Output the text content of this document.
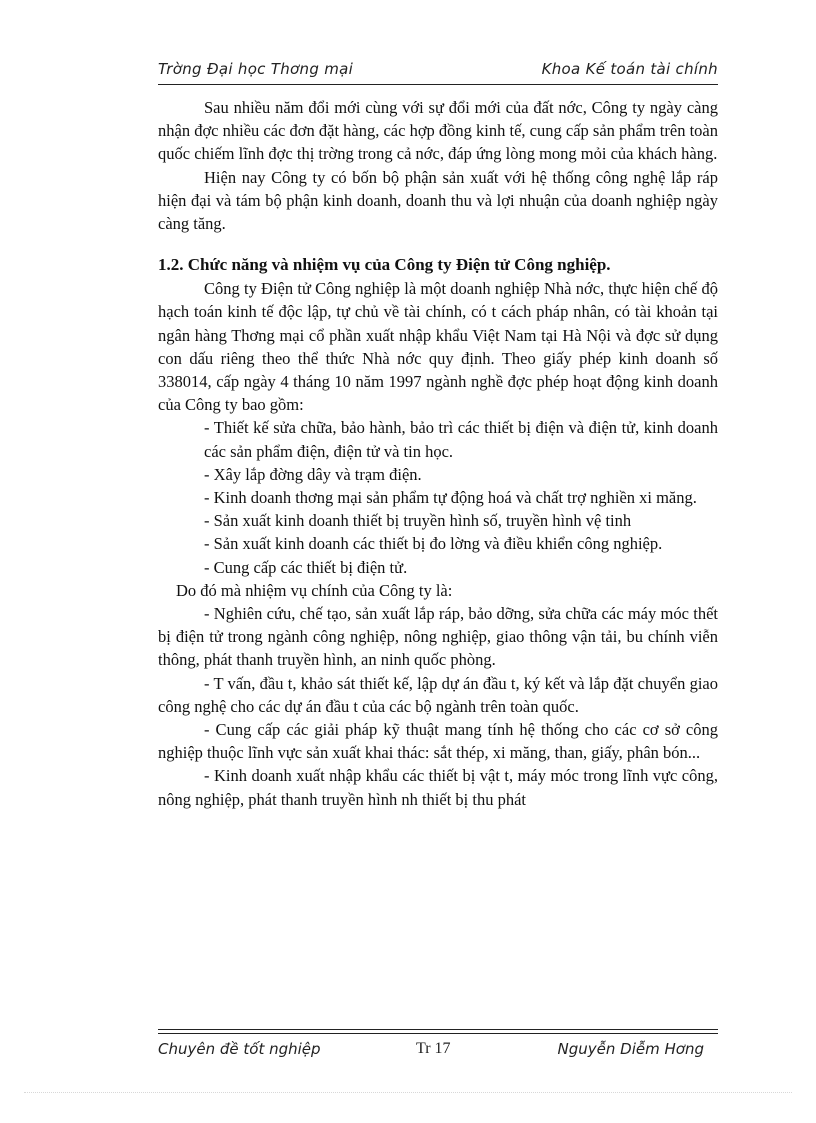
Trờng Đại học Thơng mại	Khoa Kế toán tài chính

Sau nhiều năm đổi mới cùng với sự đổi mới của đất nớc, Công ty ngày càng nhận đợc nhiều các đơn đặt hàng, các hợp đồng kinh tế, cung cấp sản phẩm trên toàn quốc chiếm lĩnh đợc thị trờng trong cả nớc, đáp ứng lòng mong mỏi của khách hàng.

Hiện nay Công ty có bốn bộ phận sản xuất với hệ thống công nghệ lắp ráp hiện đại và tám bộ phận kinh doanh, doanh thu và lợi nhuận của doanh nghiệp ngày càng tăng.

1.2. Chức năng và nhiệm vụ của Công ty Điện tử Công nghiệp.

Công ty Điện tử Công nghiệp là một doanh nghiệp Nhà nớc, thực hiện chế độ hạch toán kinh tế độc lập, tự chủ về tài chính, có t cách pháp nhân, có tài khoản tại ngân hàng Thơng mại cổ phần xuất nhập khẩu Việt Nam tại Hà Nội và đợc sử dụng con dấu riêng theo thể thức Nhà nớc quy định. Theo giấy phép kinh doanh số 338014, cấp ngày 4 tháng 10 năm 1997 ngành nghề đợc phép hoạt động kinh doanh của Công ty bao gồm:

- Thiết kế sửa chữa, bảo hành, bảo trì các thiết bị điện và điện tử, kinh doanh các sản phẩm điện, điện tử và tin học.

- Xây lắp đờng dây và trạm điện.

- Kinh doanh thơng mại sản phẩm tự động hoá và chất trợ nghiền xi măng.

- Sản xuất kinh doanh thiết bị truyền hình số, truyền hình vệ tinh

- Sản xuất kinh doanh các thiết bị đo lờng và điều khiển công nghiệp.

- Cung cấp các thiết bị điện tử.

Do đó mà nhiệm vụ chính của Công ty là:

- Nghiên cứu, chế tạo, sản xuất lắp ráp, bảo dỡng, sửa chữa các máy móc thết bị điện tử trong ngành công nghiệp, nông nghiệp, giao thông vận tải, bu chính viễn thông, phát thanh truyền hình, an ninh quốc phòng.

- T vấn, đầu t, khảo sát thiết kế, lập dự án đầu t, ký kết và lắp đặt chuyển giao công nghệ cho các dự án đầu t của các bộ ngành trên toàn quốc.

- Cung cấp các giải pháp kỹ thuật mang tính hệ thống cho các cơ sở công nghiệp thuộc lĩnh vực sản xuất khai thác: sắt thép, xi măng, than, giấy, phân bón...

- Kinh doanh xuất nhập khẩu các thiết bị vật t, máy móc trong lĩnh vực công, nông nghiệp, phát thanh truyền hình nh thiết bị thu phát

Chuyên đề tốt nghiệp	Tr 17	Nguyễn Diễm Hơng
